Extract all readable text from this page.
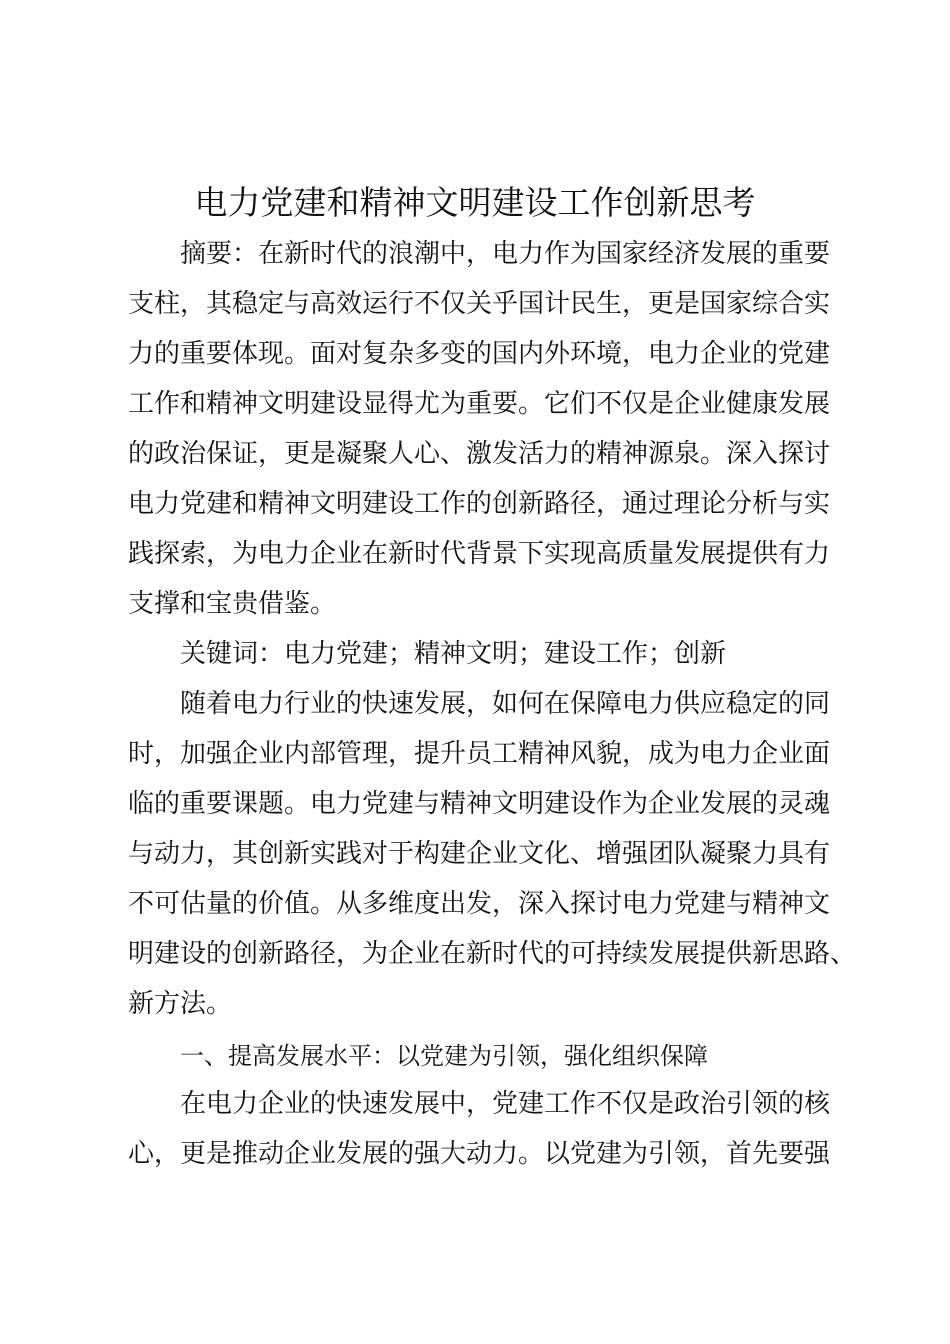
电力党建和精神文明建设工作创新思考
摘要：在新时代的浪潮中，电力作为国家经济发展的重要
支柱，其稳定与高效运行不仅关乎国计民生，更是国家综合实
力的重要体现。面对复杂多变的国内外环境，电力企业的党建
工作和精神文明建设显得尤为重要。它们不仅是企业健康发展
的政治保证，更是凝聚人心、激发活力的精神源泉。深入探讨
电力党建和精神文明建设工作的创新路径，通过理论分析与实
践探索，为电力企业在新时代背景下实现高质量发展提供有力
支撑和宝贵借鉴。
关键词：电力党建；精神文明；建设工作；创新
随着电力行业的快速发展，如何在保障电力供应稳定的同
时，加强企业内部管理，提升员工精神风貌，成为电力企业面
临的重要课题。电力党建与精神文明建设作为企业发展的灵魂
与动力，其创新实践对于构建企业文化、增强团队凝聚力具有
不可估量的价值。从多维度出发，深入探讨电力党建与精神文
明建设的创新路径，为企业在新时代的可持续发展提供新思路、
新方法。
一、提高发展水平：以党建为引领，强化组织保障
在电力企业的快速发展中，党建工作不仅是政治引领的核
心，更是推动企业发展的强大动力。以党建为引领，首先要强
